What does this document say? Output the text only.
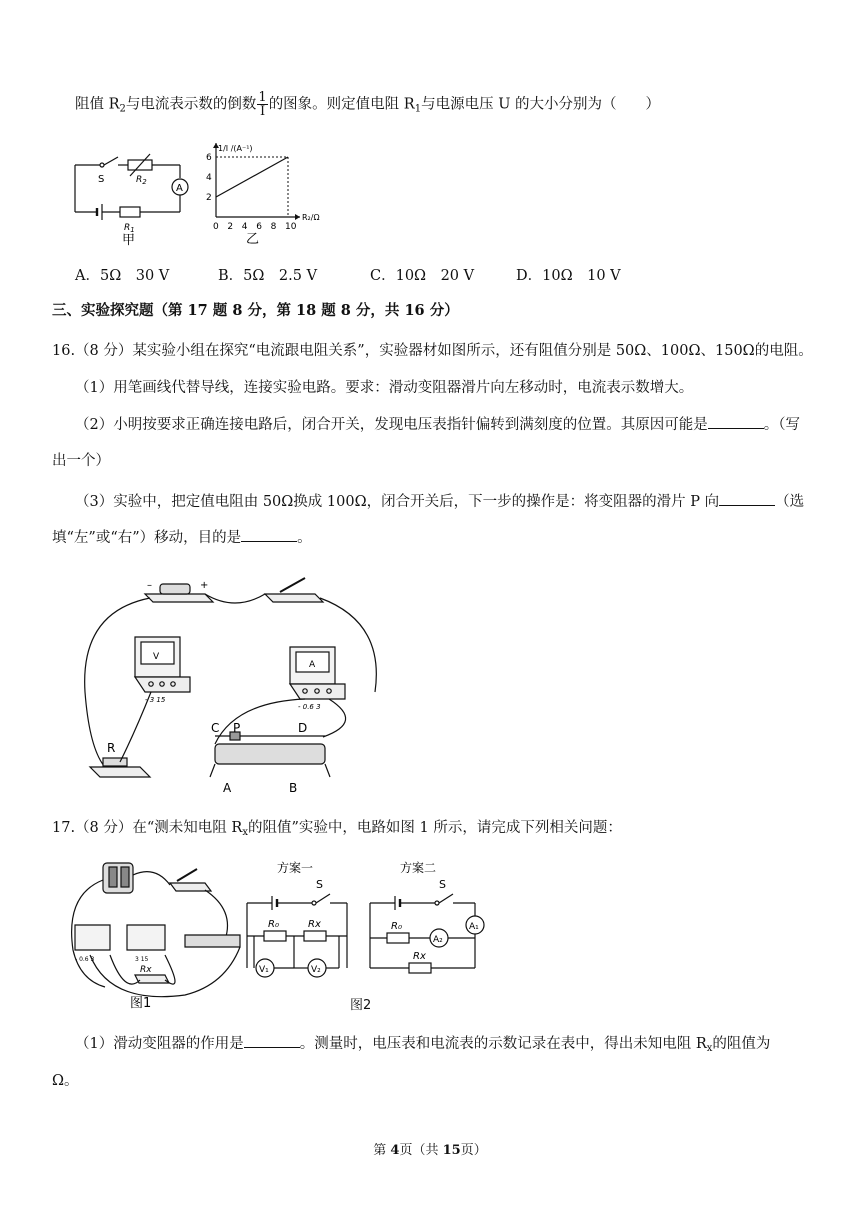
阻值 $R_2$与电流表示数的倒数 $\frac{1}{I}$ 的图象。则定值电阻 $R_1$与电源电压 U 的大小分别为（　　）
S	$R_2$
A
$R_1$
甲
0 2 4 6 8 10
2
4
6
1/I /(A⁻¹)
R₂/Ω
乙
A．5Ω　30 V	B．5Ω　2.5 V	C．10Ω　20 V	D．10Ω　10 V
三、实验探究题（第 17 题 8 分，第 18 题 8 分，共 16 分）
16.（8 分）某实验小组在探究“电流跟电阻关系”，实验器材如图所示，还有阻值分别是 50Ω、100Ω、150Ω的电阻。
（1）用笔画线代替导线，连接实验电路。要求：滑动变阻器滑片向左移动时，电流表示数增大。
（2）小明按要求正确连接电路后，闭合开关，发现电压表指针偏转到满刻度的位置。其原因可能是	。（写
出一个）
（3）实验中，把定值电阻由 50Ω换成 100Ω，闭合开关后，下一步的操作是：将变阻器的滑片 P 向	（选
填“左”或“右”）移动，目的是	。
–	+
V
A
- 3 15
- 0.6 3
R
C P	D
A	B
17.（8 分）在“测未知电阻 $R_x$的阻值”实验中，电路如图 1 所示，请完成下列相关问题：
- 0.6 3	3 15
Rx
图1
方案一
S
R₀	Rx
V₁	V₂
方案二
S
R₀
A₂
A₁
Rx
图2
（1）滑动变阻器的作用是	。测量时，电压表和电流表的示数记录在表中，得出未知电阻 $R_x$的阻值为
Ω。
第 4页（共 15页）
